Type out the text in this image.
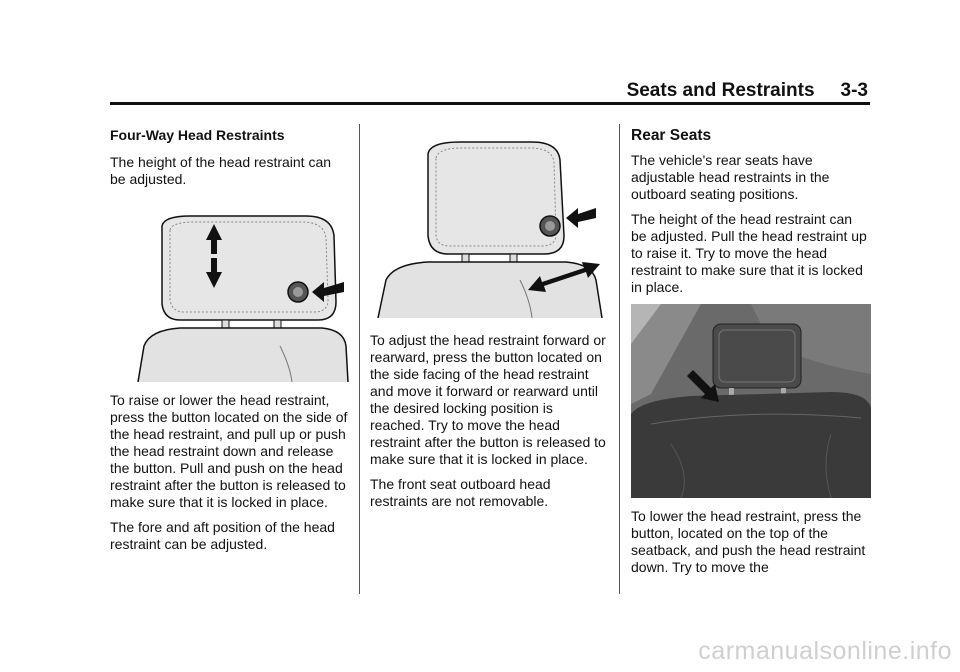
Seats and Restraints 3-3

Four-Way Head Restraints

The height of the head restraint can be adjusted.

To raise or lower the head restraint, press the button located on the side of the head restraint, and pull up or push the head restraint down and release the button. Pull and push on the head restraint after the button is released to make sure that it is locked in place.

The fore and aft position of the head restraint can be adjusted.

To adjust the head restraint forward or rearward, press the button located on the side facing of the head restraint and move it forward or rearward until the desired locking position is reached. Try to move the head restraint after the button is released to make sure that it is locked in place.

The front seat outboard head restraints are not removable.

Rear Seats

The vehicle's rear seats have adjustable head restraints in the outboard seating positions.

The height of the head restraint can be adjusted. Pull the head restraint up to raise it. Try to move the head restraint to make sure that it is locked in place.

To lower the head restraint, press the button, located on the top of the seatback, and push the head restraint down. Try to move the

carmanualsonline.info
